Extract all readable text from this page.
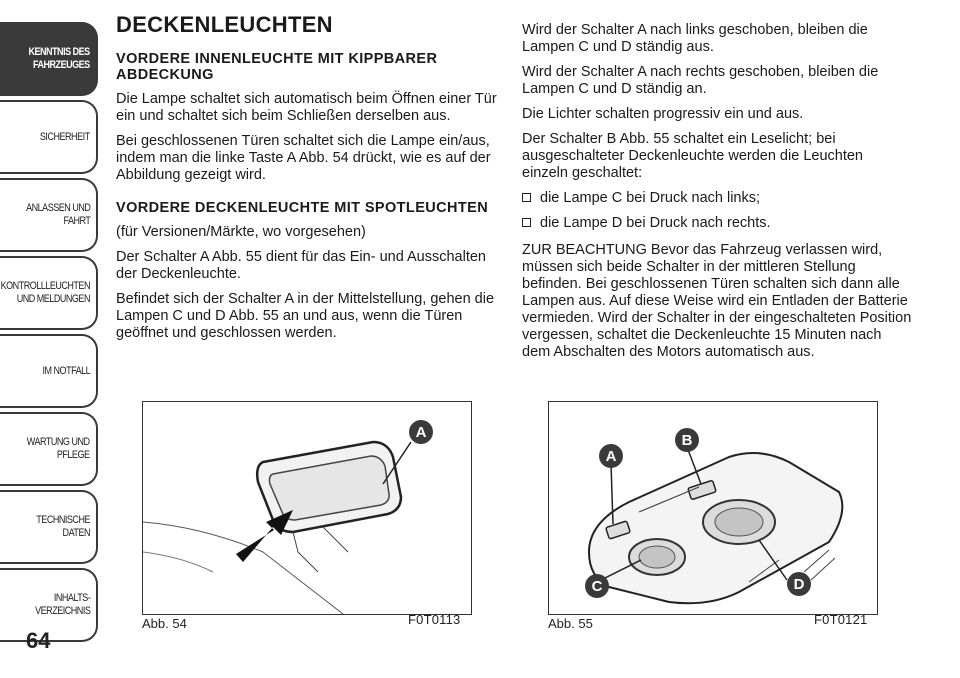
KENNTNIS DES
FAHRZEUGES
SICHERHEIT
ANLASSEN UND
FAHRT
KONTROLLLEUCHTEN
UND MELDUNGEN
IM NOTFALL
WARTUNG UND
PFLEGE
TECHNISCHE DATEN
INHALTS-
VERZEICHNIS
64
DECKENLEUCHTEN
VORDERE INNENLEUCHTE MIT KIPPBARER ABDECKUNG

Die Lampe schaltet sich automatisch beim Öffnen einer Tür ein und schaltet sich beim Schließen derselben aus.

Bei geschlossenen Türen schaltet sich die Lampe ein/aus, indem man die linke Taste A Abb. 54 drückt, wie es auf der Abbildung gezeigt wird.

VORDERE DECKENLEUCHTE MIT SPOTLEUCHTEN
(für Versionen/Märkte, wo vorgesehen)

Der Schalter A Abb. 55 dient für das Ein- und Ausschalten der Deckenleuchte.

Befindet sich der Schalter A in der Mittelstellung, gehen die Lampen C und D Abb. 55 an und aus, wenn die Türen geöffnet und geschlossen werden.

Wird der Schalter A nach links geschoben, bleiben die Lampen C und D ständig aus.

Wird der Schalter A nach rechts geschoben, bleiben die Lampen C und D ständig an.

Die Lichter schalten progressiv ein und aus.

Der Schalter B Abb. 55 schaltet ein Leselicht; bei ausgeschalteter Deckenleuchte werden die Leuchten einzeln geschaltet:

die Lampe C bei Druck nach links;
die Lampe D bei Druck nach rechts.

ZUR BEACHTUNG Bevor das Fahrzeug verlassen wird, müssen sich beide Schalter in der mittleren Stellung befinden. Bei geschlossenen Türen schalten sich dann alle Lampen aus. Auf diese Weise wird ein Entladen der Batterie vermieden. Wird der Schalter in der eingeschalteten Position vergessen, schaltet die Deckenleuchte 15 Minuten nach dem Abschalten des Motors automatisch aus.

A
Abb. 54	F0T0113
A
B
C	D
Abb. 55	F0T0121
